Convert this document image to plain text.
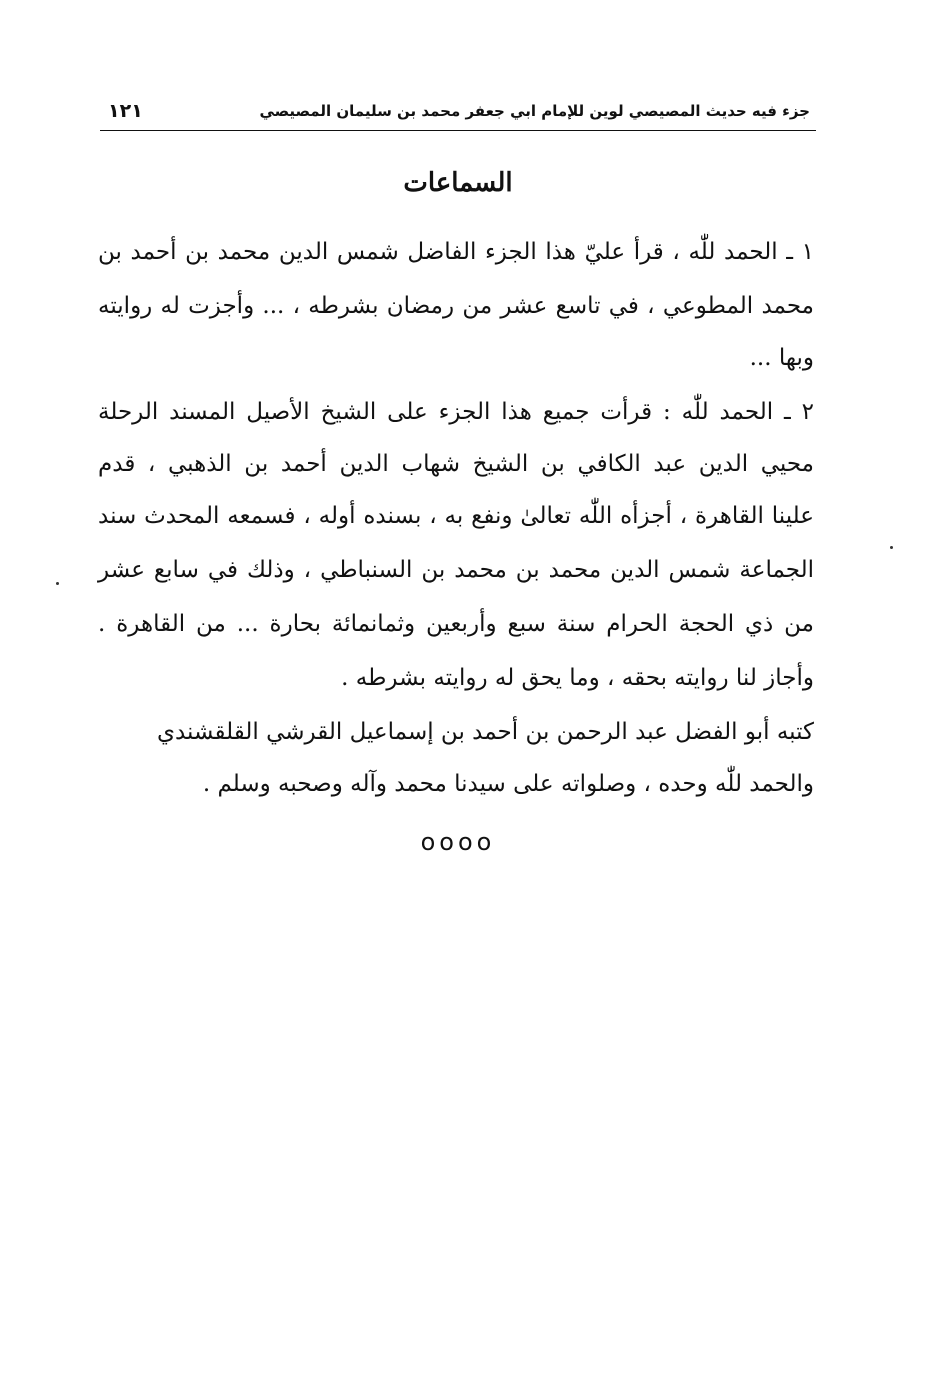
جزء فيه حديث المصيصي لوين للإمام ابي جعفر محمد بن سليمان المصيصي
١٢١
السماعات
١ ـ الحمد للّٰه ، قرأ عليّ هذا الجزء الفاضل شمس الدين محمد بن أحمد بن
محمد المطوعي ، في تاسع عشر من رمضان بشرطه ، ... وأجزت له روايته
وبها ...
٢ ـ الحمد للّٰه : قرأت جميع هذا الجزء على الشيخ الأصيل المسند الرحلة
محيي الدين عبد الكافي بن الشيخ شهاب الدين أحمد بن الذهبي ، قدم
علينا القاهرة ، أجزأه اللّٰه تعالىٰ ونفع به ، بسنده أوله ، فسمعه المحدث سند
الجماعة شمس الدين محمد بن محمد بن السنباطي ، وذلك في سابع عشر
من ذي الحجة الحرام سنة سبع وأربعين وثمانمائة بحارة ... من القاهرة .
وأجاز لنا روايته بحقه ، وما يحق له روايته بشرطه .
كتبه أبو الفضل عبد الرحمن بن أحمد بن إسماعيل القرشي القلقشندي
والحمد للّٰه وحده ، وصلواته على سيدنا محمد وآله وصحبه وسلم .
oooo
